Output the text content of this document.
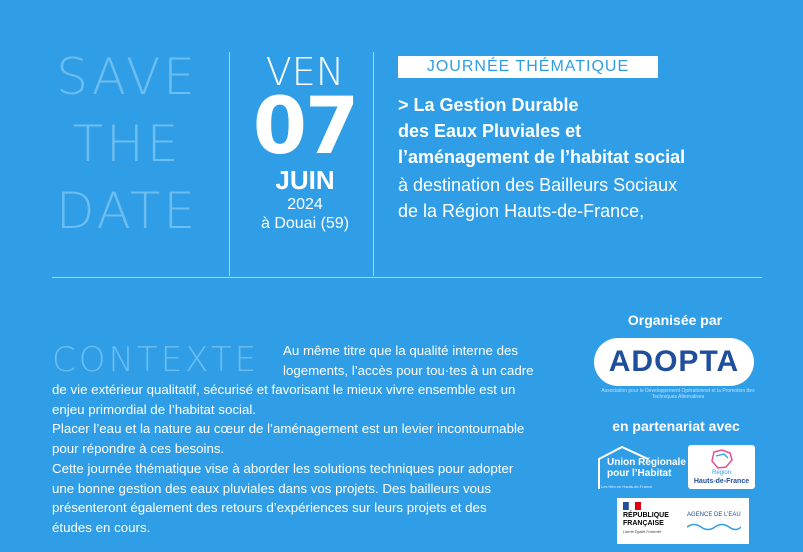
SAVE
THE
DATE
VEN
07
JUIN
2024
à Douai (59)
JOURNÉE THÉMATIQUE
> La Gestion Durable
des Eaux Pluviales et
l’aménagement de l’habitat social
à destination des Bailleurs Sociaux
de la Région Hauts-de-France,
CONTEXTE Au même titre que la qualité interne des
logements, l’accès pour tou·tes à un cadre
de vie extérieur qualitatif, sécurisé et favorisant le mieux vivre ensemble est un
enjeu primordial de l’habitat social.
Placer l’eau et la nature au cœur de l’aménagement est un levier incontournable
pour répondre à ces besoins.
Cette journée thématique vise à aborder les solutions techniques pour adopter
une bonne gestion des eaux pluviales dans vos projets. Des bailleurs vous
présenteront également des retours d’expériences sur leurs projets et des
études en cours.
Organisée par
ADOPTA
Association pour le Développement Opérationnel et la Promotion des Techniques Alternatives
en partenariat avec
Union Régionale
pour l’Habitat
Les Hlm en Hauts-de-France
Région
Hauts-de-France
RÉPUBLIQUE
FRANÇAISE
Liberté Égalité Fraternité
AGENCE DE L’EAU
